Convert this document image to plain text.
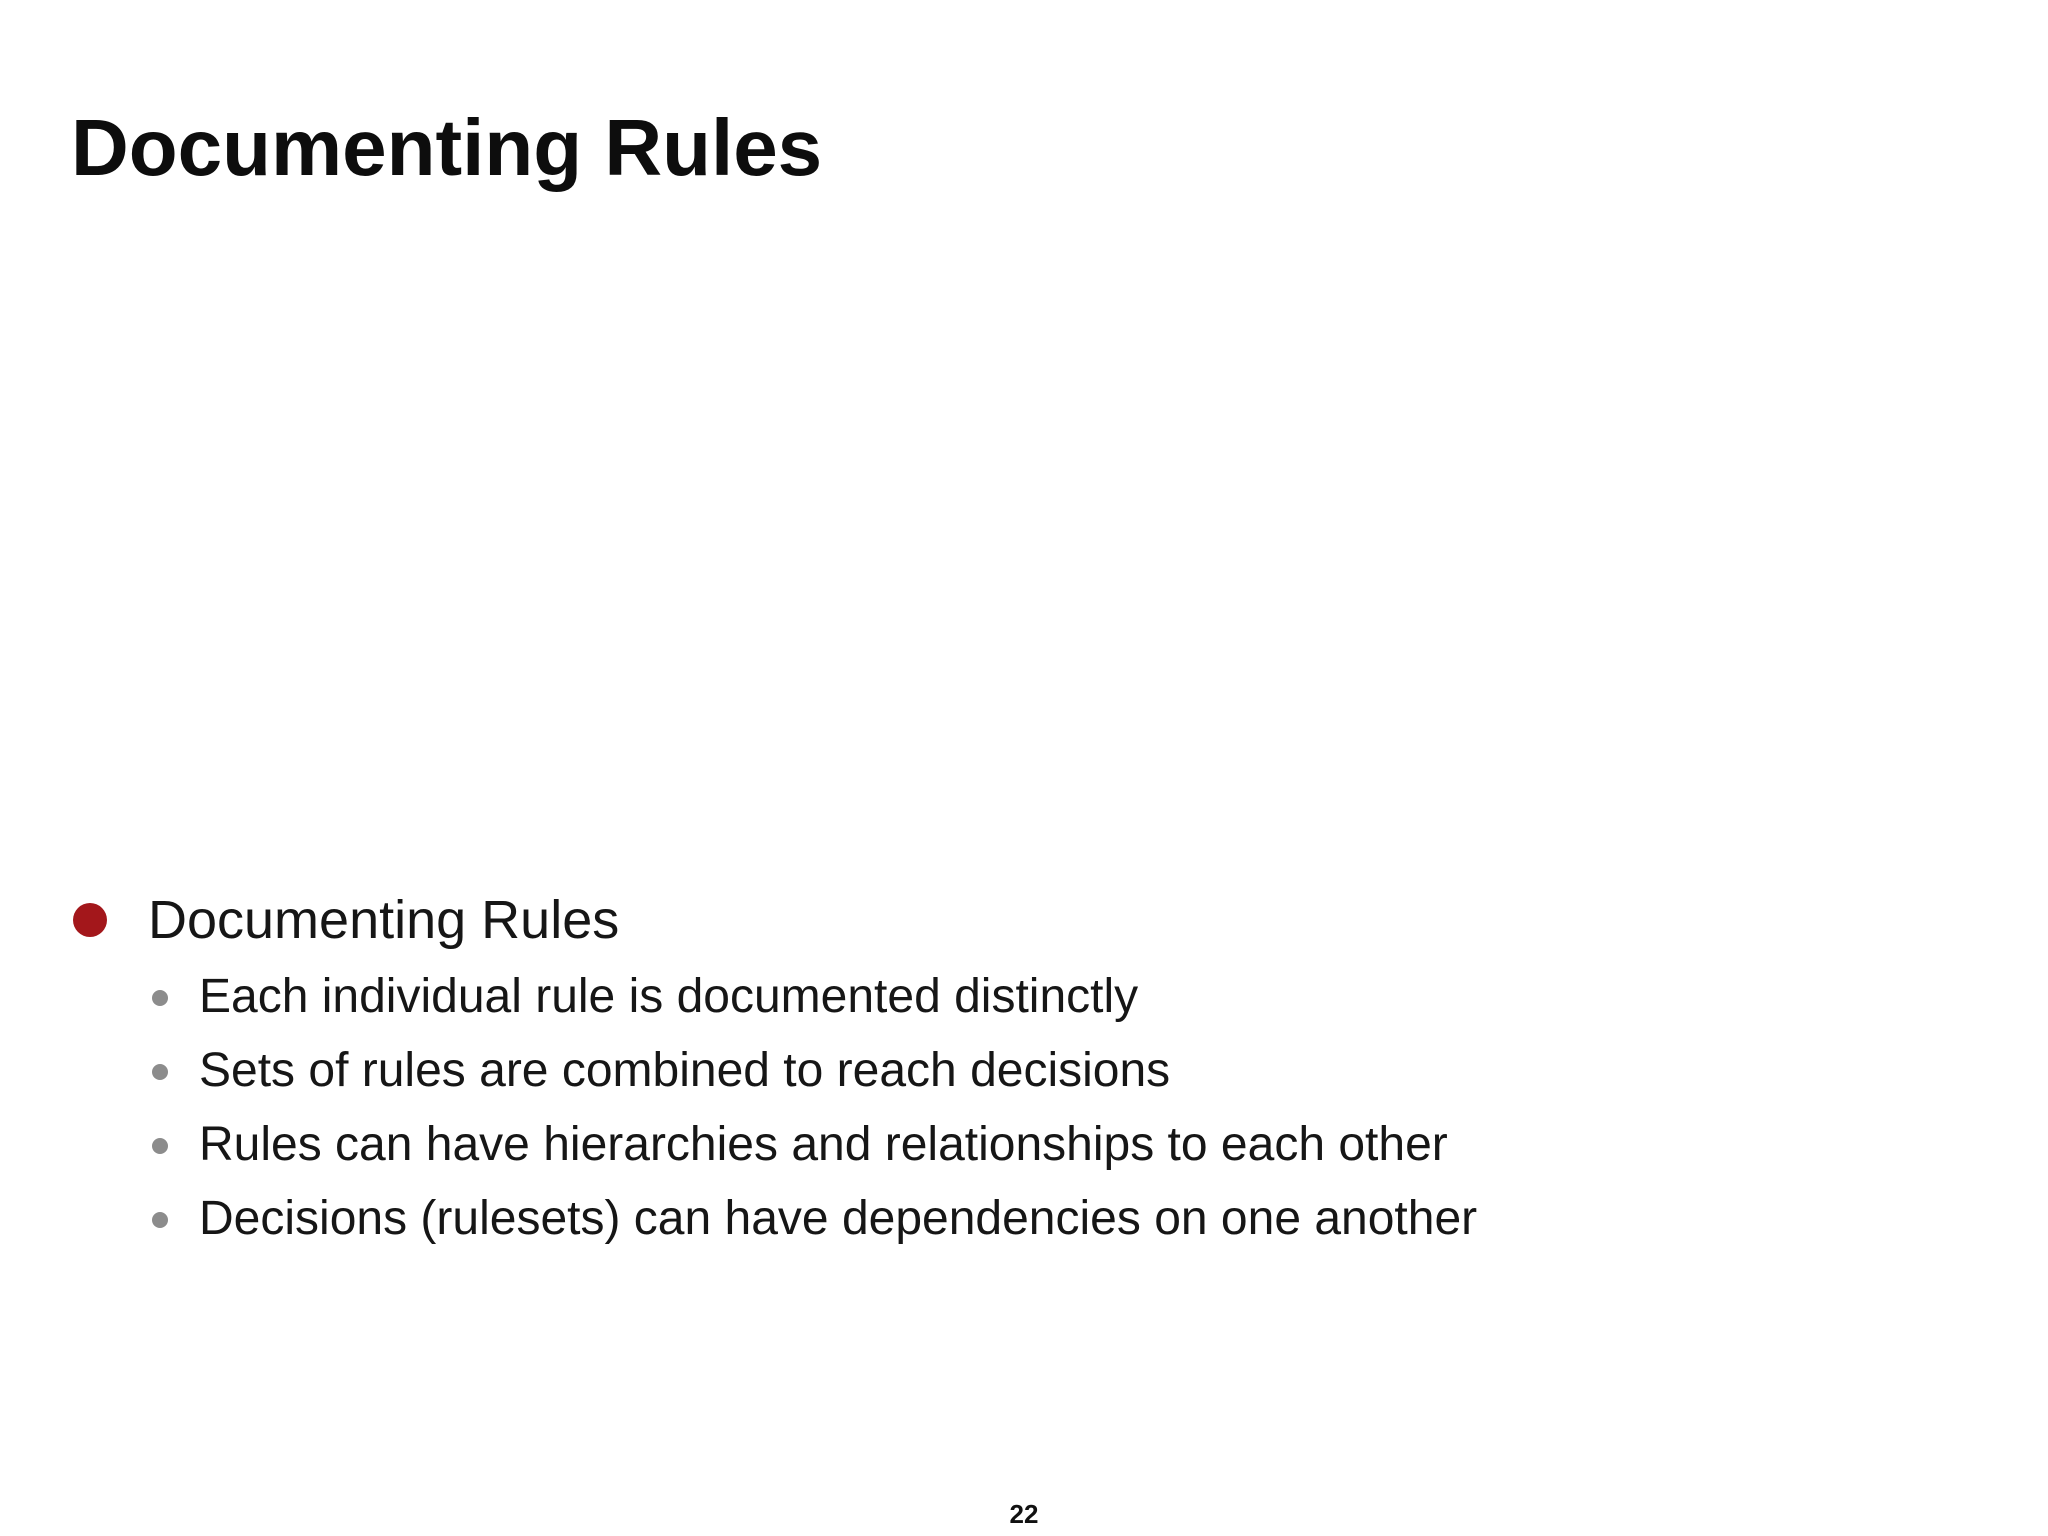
Documenting Rules
Documenting Rules
Each individual rule is documented distinctly
Sets of rules are combined to reach decisions
Rules can have hierarchies and relationships to each other
Decisions (rulesets) can have dependencies on one another
22
